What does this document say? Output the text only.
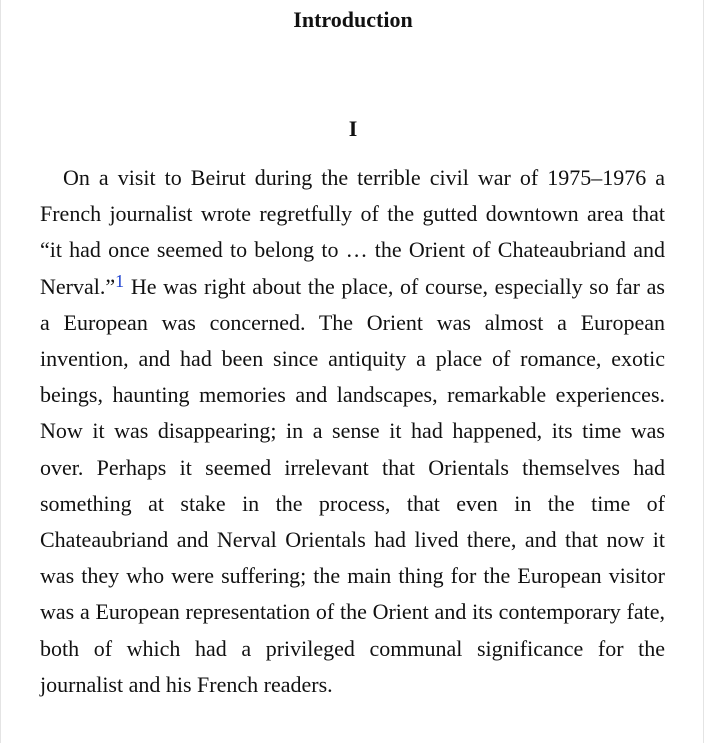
Introduction
I

On a visit to Beirut during the terrible civil war of 1975–1976 a French journalist wrote regretfully of the gutted downtown area that “it had once seemed to belong to … the Orient of Chateaubriand and Nerval.”$^1$ He was right about the place, of course, especially so far as a European was concerned. The Orient was almost a European invention, and had been since antiquity a place of romance, exotic beings, haunting memories and landscapes, remarkable experiences. Now it was disappearing; in a sense it had happened, its time was over. Perhaps it seemed irrelevant that Orientals themselves had something at stake in the process, that even in the time of Chateaubriand and Nerval Orientals had lived there, and that now it was they who were suffering; the main thing for the European visitor was a European representation of the Orient and its contemporary fate, both of which had a privileged communal significance for the journalist and his French readers.
